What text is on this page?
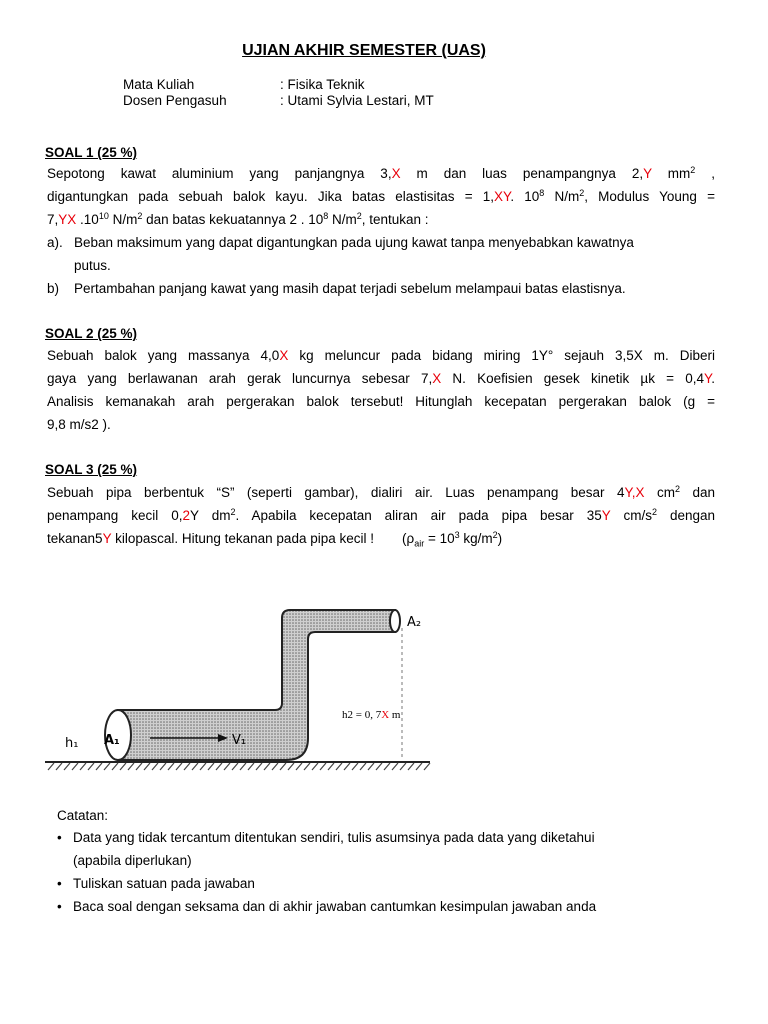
UJIAN AKHIR SEMESTER (UAS)
Mata Kuliah	: Fisika Teknik
Dosen Pengasuh	: Utami Sylvia Lestari, MT
SOAL 1 (25 %)
Sepotong kawat aluminium yang panjangnya 3,X m dan luas penampangnya 2,Y $mm^2$ ,
digantungkan pada sebuah balok kayu. Jika batas elastisitas = 1,XY. $10^8$ $N/m^2$, Modulus Young =
7,YX $.10^{10}$ $N/m^2$ dan batas kekuatannya 2 . $10^8$ $N/m^2$, tentukan :
a). Beban maksimum yang dapat digantungkan pada ujung kawat tanpa menyebabkan kawatnya
putus.
b) Pertambahan panjang kawat yang masih dapat terjadi sebelum melampaui batas elastisnya.
SOAL 2 (25 %)
Sebuah balok yang massanya 4,0X kg meluncur pada bidang miring 1Y° sejauh 3,5X m. Diberi
gaya yang berlawanan arah gerak luncurnya sebesar 7,X N. Koefisien gesek kinetik µk = 0,4Y.
Analisis kemanakah arah pergerakan balok tersebut! Hitunglah kecepatan pergerakan balok (g =
9,8 m/s2 ).
SOAL 3 (25 %)
Sebuah pipa berbentuk “S” (seperti gambar), dialiri air. Luas penampang besar 4Y,X $cm^2$ dan
penampang kecil 0,2Y $dm^2$. Apabila kecepatan aliran air pada pipa besar 35Y $cm/s^2$ dengan
tekanan5Y kilopascal. Hitung tekanan pada pipa kecil ! ($\rho_{air} = 10^3$ $kg/m^2$)
A₂
A₁
h₁	V₁
h2 = 0, 7X m
Catatan:
• Data yang tidak tercantum ditentukan sendiri, tulis asumsinya pada data yang diketahui
(apabila diperlukan)
• Tuliskan satuan pada jawaban
• Baca soal dengan seksama dan di akhir jawaban cantumkan kesimpulan jawaban anda
